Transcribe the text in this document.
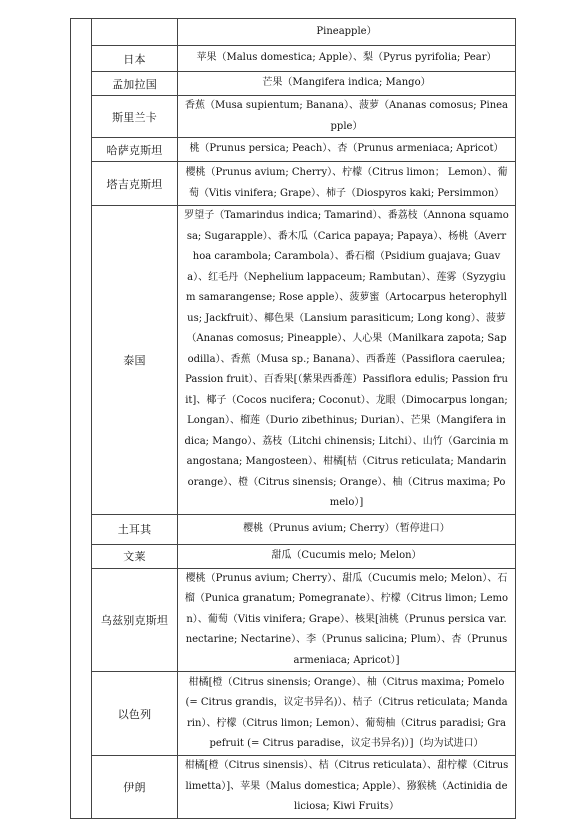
		Pineapple）

	日本	苹果（Malus domestica; Apple）、梨（Pyrus pyrifolia; Pear）

	孟加拉国	芒果（Mangifera indica; Mango）

	斯里兰卡	香蕉（Musa supientum; Banana）、菠萝（Ananas comosus; Pineapple）

	哈萨克斯坦	桃（Prunus persica; Peach）、杏（Prunus armeniaca; Apricot）

	塔吉克斯坦	樱桃（Prunus avium; Cherry）、柠檬（Citrus limon； Lemon）、葡萄（Vitis vinifera; Grape）、柿子（Diospyros kaki; Persimmon）

	泰国	罗望子（Tamarindus indica; Tamarind）、番荔枝（Annona squamosa; Sugarapple）、番木瓜（Carica papaya; Papaya）、杨桃（Averrhoa carambola; Carambola）、番石榴（Psidium guajava; Guava）、红毛丹（Nephelium lappaceum; Rambutan）、莲雾（Syzygium samarangense; Rose apple）、菠萝蜜（Artocarpus heterophyllus; Jackfruit）、椰色果（Lansium parasiticum; Long kong）、菠萝（Ananas comosus; Pineapple）、人心果（Manilkara zapota; Sapodilla）、香蕉（Musa sp.; Banana）、西番莲（Passiflora caerulea; Passion fruit）、百香果[（紫果西番莲）Passiflora edulis; Passion fruit]、椰子（Cocos nucifera; Coconut）、龙眼（Dimocarpus longan; Longan）、榴莲（Durio zibethinus; Durian）、芒果（Mangifera indica; Mango）、荔枝（Litchi chinensis; Litchi）、山竹（Garcinia mangostana; Mangosteen）、柑橘[桔（Citrus reticulata; Mandarin orange）、橙（Citrus sinensis; Orange）、柚（Citrus maxima; Pomelo）]

	土耳其	樱桃（Prunus avium; Cherry）（暂停进口）

	文莱	甜瓜（Cucumis melo; Melon）

	乌兹别克斯坦	樱桃（Prunus avium; Cherry）、甜瓜（Cucumis melo; Melon）、石榴（Punica granatum; Pomegranate）、柠檬（Citrus limon; Lemon）、葡萄（Vitis vinifera; Grape）、核果[油桃（Prunus persica var. nectarine; Nectarine）、李（Prunus salicina; Plum）、杏（Prunus armeniaca; Apricot）]

	以色列	柑橘[橙（Citrus sinensis; Orange）、柚（Citrus maxima; Pomelo (= Citrus grandis，议定书异名)）、桔子（Citrus reticulata; Mandarin）、柠檬（Citrus limon; Lemon）、葡萄柚（Citrus paradisi; Grapefruit (= Citrus paradise，议定书异名)）]（均为试进口）

	伊朗	柑橘[橙（Citrus sinensis）、桔（Citrus reticulata）、甜柠檬（Citrus limetta）]、苹果（Malus domestica; Apple）、猕猴桃（Actinidia deliciosa; Kiwi Fruits）
